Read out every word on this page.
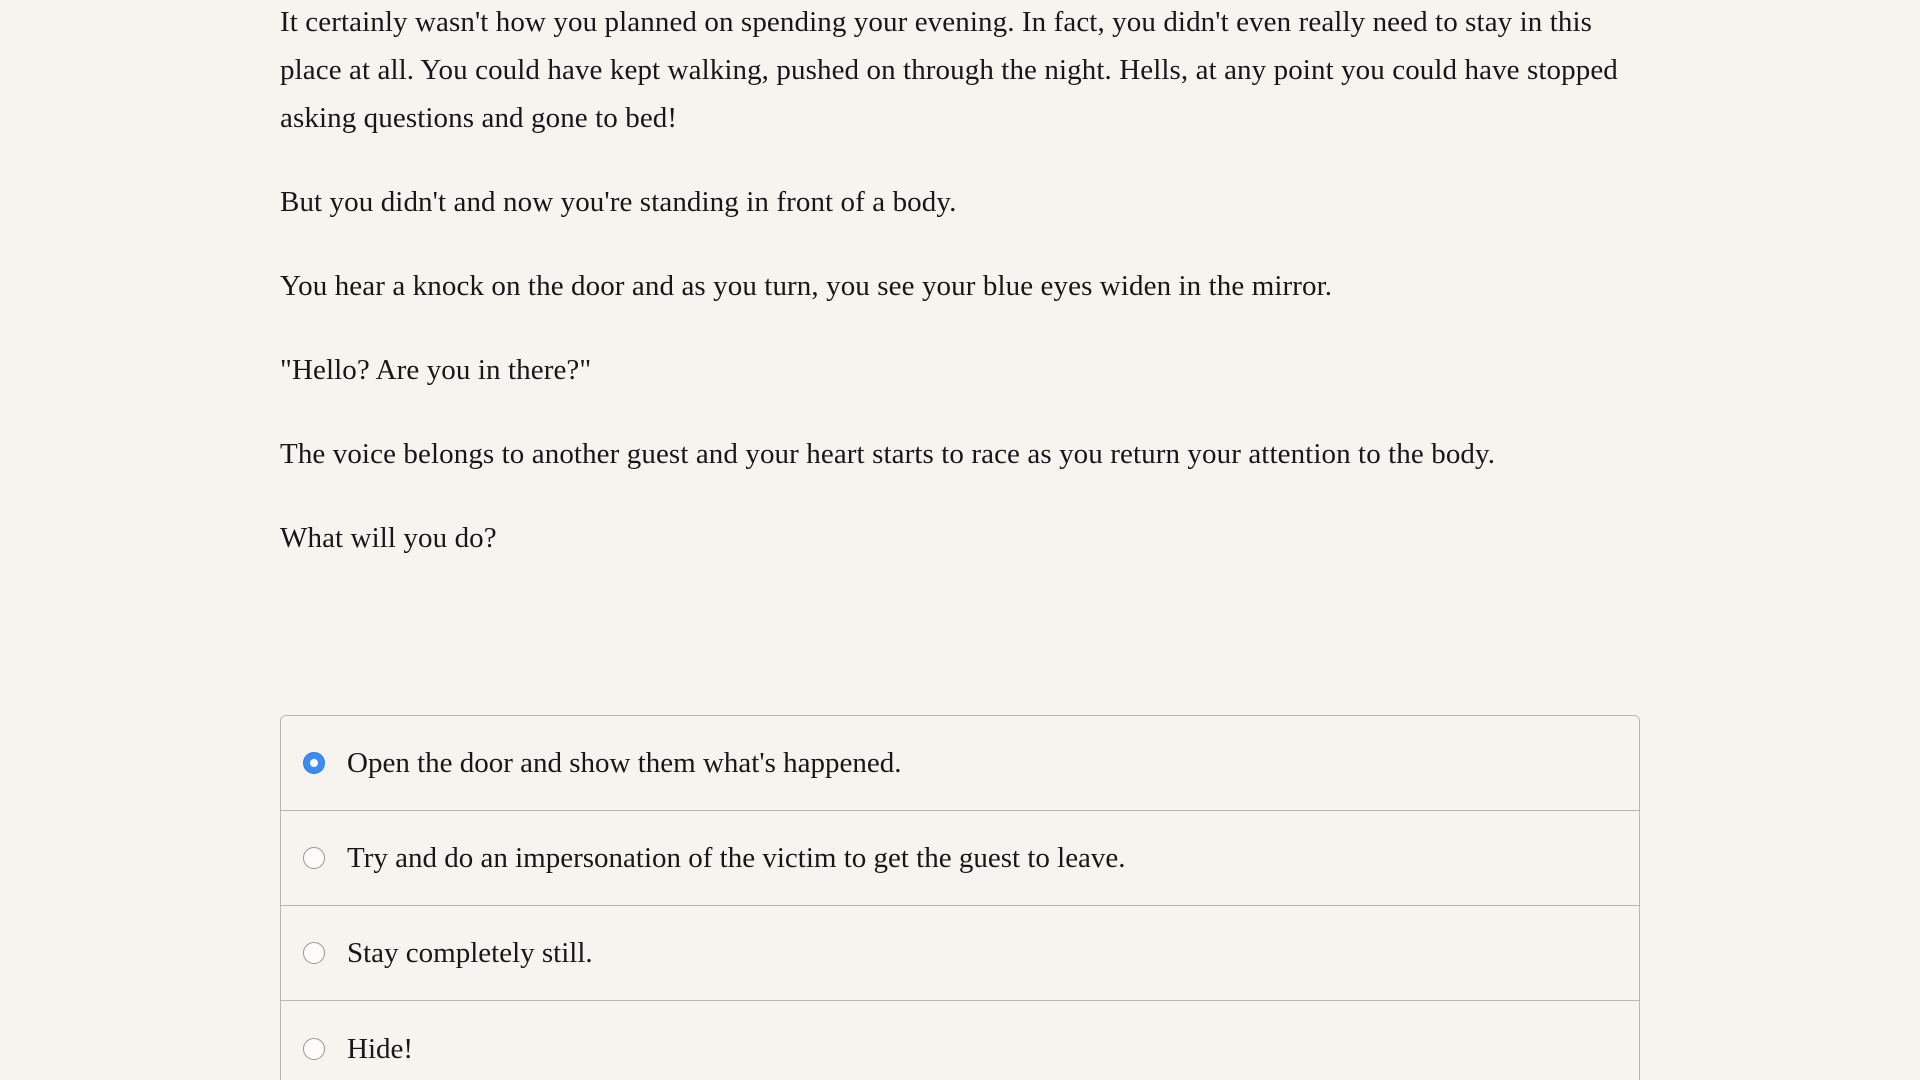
It certainly wasn't how you planned on spending your evening. In fact, you didn't even really need to stay in this place at all. You could have kept walking, pushed on through the night. Hells, at any point you could have stopped asking questions and gone to bed!

But you didn't and now you're standing in front of a body.

You hear a knock on the door and as you turn, you see your blue eyes widen in the mirror.

"Hello? Are you in there?"

The voice belongs to another guest and your heart starts to race as you return your attention to the body.

What will you do?

Open the door and show them what's happened.
Try and do an impersonation of the victim to get the guest to leave.
Stay completely still.
Hide!
